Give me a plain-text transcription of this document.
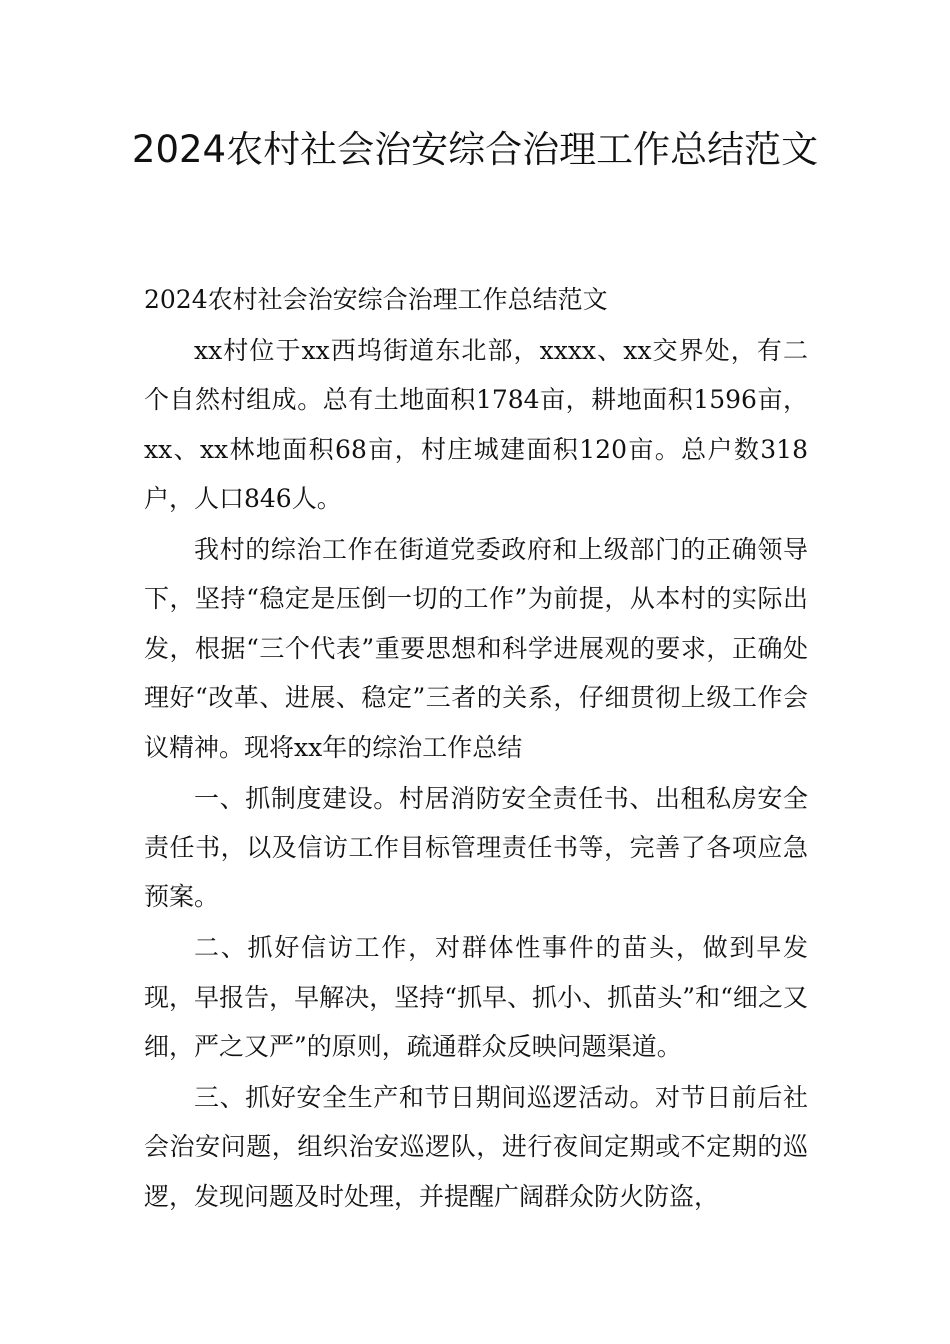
2024农村社会治安综合治理工作总结范文

2024农村社会治安综合治理工作总结范文

xx村位于xx西坞街道东北部，xxxx、xx交界处，有二个自然村组成。总有土地面积1784亩，耕地面积1596亩，xx、xx林地面积68亩，村庄城建面积120亩。总户数318户，人口846人。

我村的综治工作在街道党委政府和上级部门的正确领导下，坚持“稳定是压倒一切的工作”为前提，从本村的实际出发，根据“三个代表”重要思想和科学进展观的要求，正确处理好“改革、进展、稳定”三者的关系，仔细贯彻上级工作会议精神。现将xx年的综治工作总结

一、抓制度建设。村居消防安全责任书、出租私房安全责任书，以及信访工作目标管理责任书等，完善了各项应急预案。

二、抓好信访工作，对群体性事件的苗头，做到早发现，早报告，早解决，坚持“抓早、抓小、抓苗头”和“细之又细，严之又严”的原则，疏通群众反映问题渠道。

三、抓好安全生产和节日期间巡逻活动。对节日前后社会治安问题，组织治安巡逻队，进行夜间定期或不定期的巡逻，发现问题及时处理，并提醒广阔群众防火防盗，
